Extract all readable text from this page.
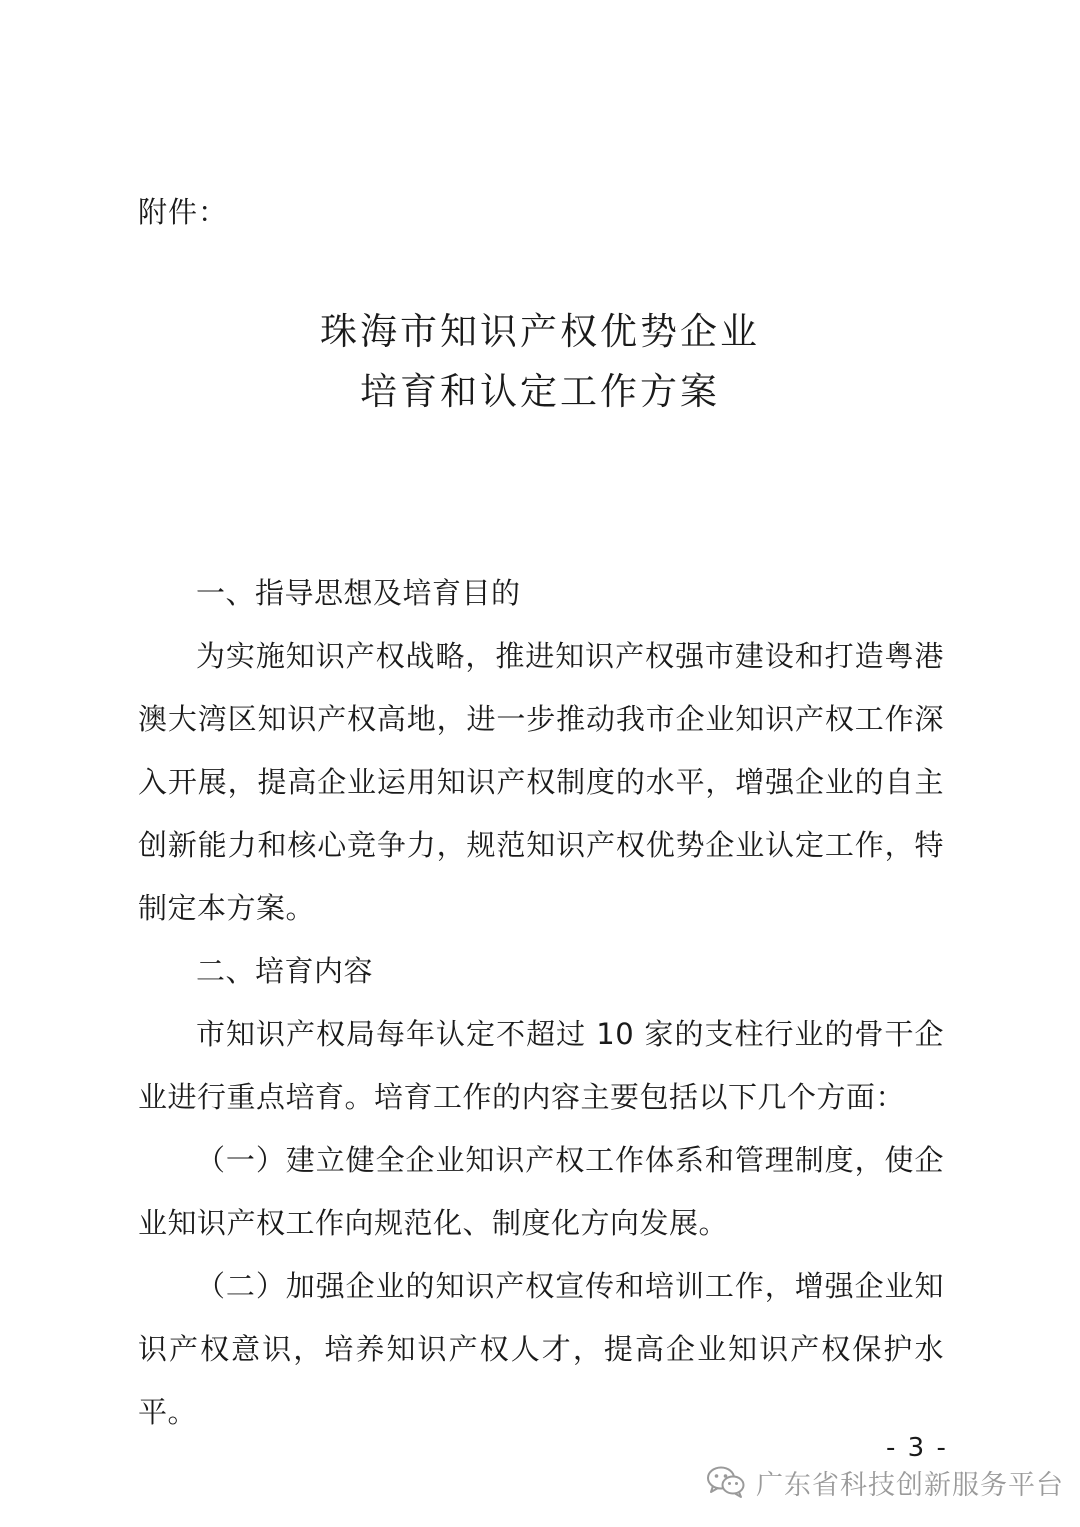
附件：
珠海市知识产权优势企业
培育和认定工作方案

一、指导思想及培育目的

为实施知识产权战略，推进知识产权强市建设和打造粤港澳大湾区知识产权高地，进一步推动我市企业知识产权工作深入开展，提高企业运用知识产权制度的水平，增强企业的自主创新能力和核心竞争力，规范知识产权优势企业认定工作，特制定本方案。

二、培育内容

市知识产权局每年认定不超过 10 家的支柱行业的骨干企业进行重点培育。培育工作的内容主要包括以下几个方面：

（一）建立健全企业知识产权工作体系和管理制度，使企业知识产权工作向规范化、制度化方向发展。

（二）加强企业的知识产权宣传和培训工作，增强企业知识产权意识，培养知识产权人才，提高企业知识产权保护水平。

- 3 -
广东省科技创新服务平台
